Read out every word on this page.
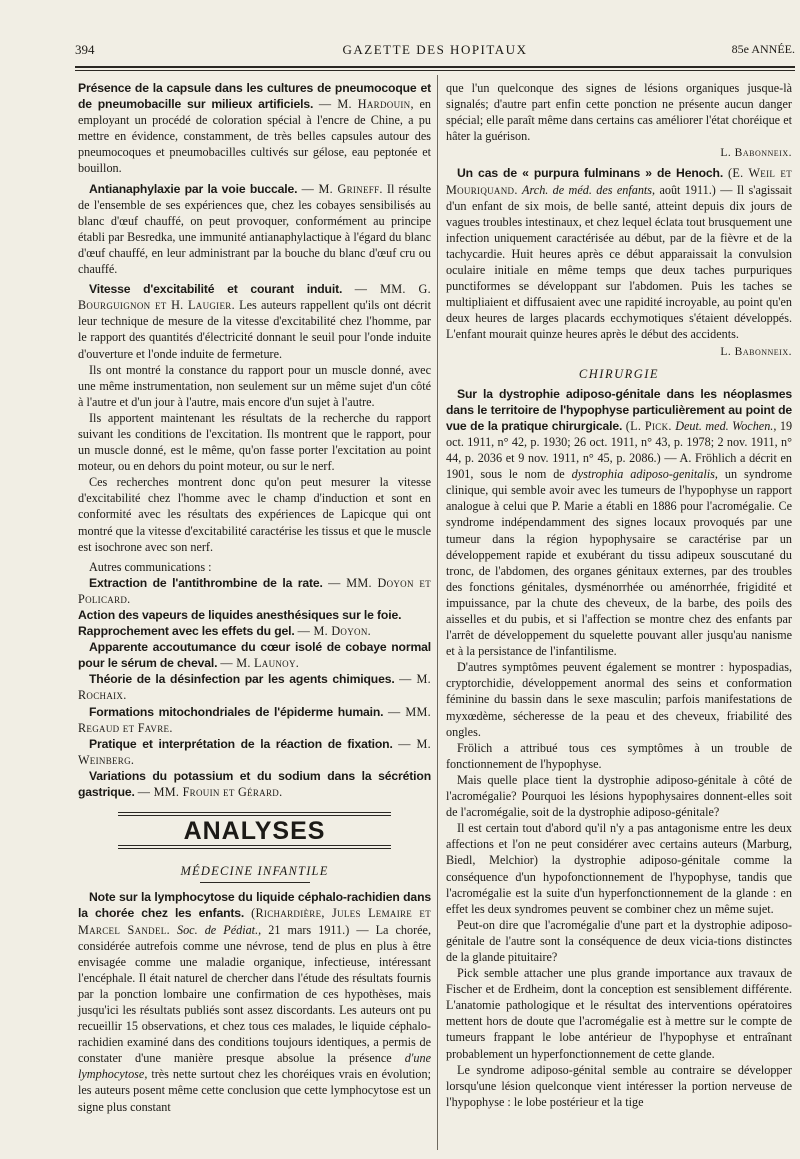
394	GAZETTE DES HOPITAUX	85e ANNÉE.

Présence de la capsule dans les cultures de pneumocoque et de pneumobacille sur milieux artificiels. — M. Hardouin, en employant un procédé de coloration spécial à l'encre de Chine, a pu mettre en évidence, constamment, de très belles capsules autour des pneumocoques et pneumobacilles cultivés sur gélose, eau peptonée et bouillon.

Antianaphylaxie par la voie buccale. — M. Grineff. Il résulte de l'ensemble de ses expériences que, chez les cobayes sensibilisés au blanc d'œuf chauffé, on peut provoquer, conformément au principe établi par Besredka, une immunité antianaphylactique à l'égard du blanc d'œuf chauffé, en leur administrant par la bouche du blanc d'œuf cru ou chauffé.

Vitesse d'excitabilité et courant induit. — MM. G. Bourguignon et H. Laugier. Les auteurs rappellent qu'ils ont décrit leur technique de mesure de la vitesse d'excitabilité chez l'homme, par le rapport des quantités d'électricité donnant le seuil pour l'onde induite d'ouverture et l'onde induite de fermeture.

Ils ont montré la constance du rapport pour un muscle donné, avec une même instrumentation, non seulement sur un même sujet d'un côté à l'autre et d'un jour à l'autre, mais encore d'un sujet à l'autre.

Ils apportent maintenant les résultats de la recherche du rapport suivant les conditions de l'excitation. Ils montrent que le rapport, pour un muscle donné, est le même, qu'on fasse porter l'excitation au point moteur, ou en dehors du point moteur, ou sur le nerf.

Ces recherches montrent donc qu'on peut mesurer la vitesse d'excitabilité chez l'homme avec le champ d'induction et sont en conformité avec les résultats des expériences de Lapicque qui ont montré que la vitesse d'excitabilité caractérise les tissus et que le muscle est isochrone avec son nerf.

Autres communications :

Extraction de l'antithrombine de la rate. — MM. Doyon et Policard.

Action des vapeurs de liquides anesthésiques sur le foie.

Rapprochement avec les effets du gel. — M. Doyon.

Apparente accoutumance du cœur isolé de cobaye normal pour le sérum de cheval. — M. Launoy.

Théorie de la désinfection par les agents chimiques. — M. Rochaix.

Formations mitochondriales de l'épiderme humain. — MM. Regaud et Favre.

Pratique et interprétation de la réaction de fixation. — M. Weinberg.

Variations du potassium et du sodium dans la sécrétion gastrique. — MM. Frouin et Gérard.

ANALYSES
MÉDECINE INFANTILE

Note sur la lymphocytose du liquide céphalo-rachidien dans la chorée chez les enfants. (Richardière, Jules Lemaire et Marcel Sandel. Soc. de Pédiat., 21 mars 1911.) — La chorée, considérée autrefois comme une névrose, tend de plus en plus à être envisagée comme une maladie organique, infectieuse, intéressant l'encéphale. Il était naturel de chercher dans l'étude des résultats fournis par la ponction lombaire une confirmation de ces hypothèses, mais jusqu'ici les résultats publiés sont assez discordants. Les auteurs ont pu recueillir 15 observations, et chez tous ces malades, le liquide céphalo-rachidien examiné dans des conditions toujours identiques, a permis de constater d'une manière presque absolue la présence d'une lymphocytose, très nette surtout chez les choréiques vrais en évolution; les auteurs posent même cette conclusion que cette lymphocytose est un signe plus constant

que l'un quelconque des signes de lésions organiques jusque-là signalés; d'autre part enfin cette ponction ne présente aucun danger spécial; elle paraît même dans certains cas améliorer l'état choréique et hâter la guérison.

L. Babonneix.

Un cas de « purpura fulminans » de Henoch. (E. Weil et Mouriquand. Arch. de méd. des enfants, août 1911.) — Il s'agissait d'un enfant de six mois, de belle santé, atteint depuis dix jours de vagues troubles intestinaux, et chez lequel éclata tout brusquement une infection uniquement caractérisée au début, par de la fièvre et de la tachycardie. Huit heures après ce début apparaissait la convulsion oculaire initiale en même temps que deux taches purpuriques punctiformes se développant sur l'abdomen. Puis les taches se multipliaient et diffusaient avec une rapidité incroyable, au point qu'en deux heures de larges placards ecchymotiques s'étaient développés. L'enfant mourait quinze heures après le début des accidents.

L. Babonneix.
CHIRURGIE

Sur la dystrophie adiposo-génitale dans les néoplasmes dans le territoire de l'hypophyse particulièrement au point de vue de la pratique chirurgicale. (L. Pick. Deut. med. Wochen., 19 oct. 1911, n° 42, p. 1930; 26 oct. 1911, n° 43, p. 1978; 2 nov. 1911, n° 44, p. 2036 et 9 nov. 1911, n° 45, p. 2086.) — A. Fröhlich a décrit en 1901, sous le nom de dystrophia adiposo-genitalis, un syndrome clinique, qui semble avoir avec les tumeurs de l'hypophyse un rapport analogue à celui que P. Marie a établi en 1886 pour l'acromégalie. Ce syndrome indépendamment des signes locaux provoqués par une tumeur dans la région hypophysaire se caractérise par un développement rapide et exubérant du tissu adipeux souscutané du tronc, de l'abdomen, des organes génitaux externes, par des troubles des fonctions génitales, dysménorrhée ou aménorrhée, frigidité et impuissance, par la chute des cheveux, de la barbe, des poils des aisselles et du pubis, et si l'affection se montre chez des enfants par l'arrêt de développement du squelette pouvant aller jusqu'au nanisme et à la persistance de l'infantilisme.

D'autres symptômes peuvent également se montrer : hypospadias, cryptorchidie, développement anormal des seins et conformation féminine du bassin dans le sexe masculin; parfois manifestations de myxœdème, sécheresse de la peau et des cheveux, friabilité des ongles.

Frölich a attribué tous ces symptômes à un trouble de fonctionnement de l'hypophyse.

Mais quelle place tient la dystrophie adiposo-génitale à côté de l'acromégalie? Pourquoi les lésions hypophysaires donnent-elles soit de l'acromégalie, soit de la dystrophie adiposo-génitale?

Il est certain tout d'abord qu'il n'y a pas antagonisme entre les deux affections et l'on ne peut considérer avec certains auteurs (Marburg, Biedl, Melchior) la dystrophie adiposo-génitale comme la conséquence d'un hypofonctionnement de l'hypophyse, tandis que l'acromégalie est la suite d'un hyperfonctionnement de la glande : en effet les deux syndromes peuvent se combiner chez un même sujet.

Peut-on dire que l'acromégalie d'une part et la dystrophie adiposo-génitale de l'autre sont la conséquence de deux vicia-tions distinctes de la glande pituitaire?

Pick semble attacher une plus grande importance aux travaux de Fischer et de Erdheim, dont la conception est sensiblement différente. L'anatomie pathologique et le résultat des interventions opératoires mettent hors de doute que l'acromégalie est à mettre sur le compte de tumeurs frappant le lobe antérieur de l'hypophyse et entraînant probablement un hyperfonctionnement de cette glande.

Le syndrome adiposo-génital semble au contraire se développer lorsqu'une lésion quelconque vient intéresser la portion nerveuse de l'hypophyse : le lobe postérieur et la tige
